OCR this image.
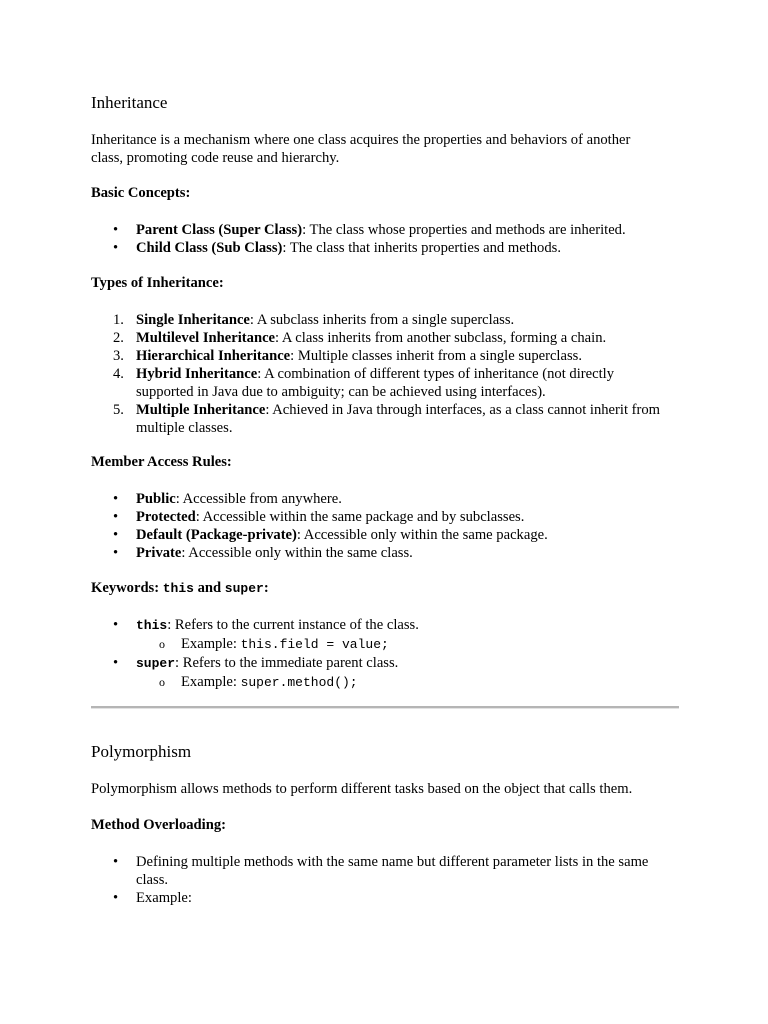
Inheritance

Inheritance is a mechanism where one class acquires the properties and behaviors of another
class, promoting code reuse and hierarchy.

Basic Concepts:

• Parent Class (Super Class): The class whose properties and methods are inherited.
• Child Class (Sub Class): The class that inherits properties and methods.

Types of Inheritance:

1. Single Inheritance: A subclass inherits from a single superclass.
2. Multilevel Inheritance: A class inherits from another subclass, forming a chain.
3. Hierarchical Inheritance: Multiple classes inherit from a single superclass.
4. Hybrid Inheritance: A combination of different types of inheritance (not directly
supported in Java due to ambiguity; can be achieved using interfaces).
5. Multiple Inheritance: Achieved in Java through interfaces, as a class cannot inherit from
multiple classes.

Member Access Rules:

• Public: Accessible from anywhere.
• Protected: Accessible within the same package and by subclasses.
• Default (Package-private): Accessible only within the same package.
• Private: Accessible only within the same class.

Keywords: this and super:

• this: Refers to the current instance of the class.
o Example: this.field = value;
• super: Refers to the immediate parent class.
o Example: super.method();
Polymorphism

Polymorphism allows methods to perform different tasks based on the object that calls them.

Method Overloading:

• Defining multiple methods with the same name but different parameter lists in the same
class.
• Example:
